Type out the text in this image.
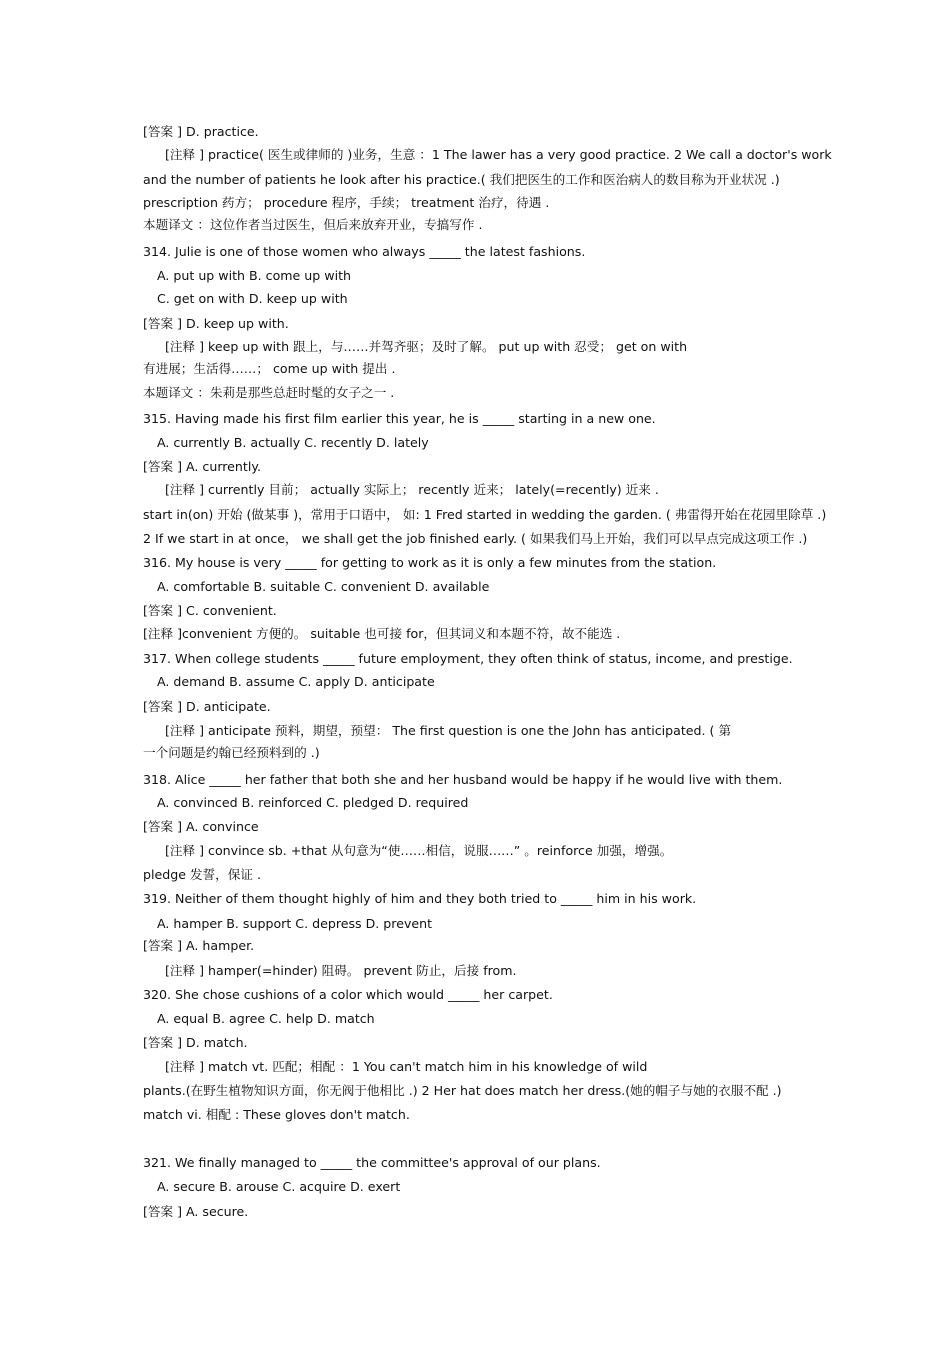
[答案 ] D. practice.
[注释 ] practice( 医生或律师的 )业务，生意 ：1 The lawer has a very good practice. 2 We call a doctor's work
and the number of patients he look after his practice.( 我们把医生的工作和医治病人的数目称为开业状况 .)
prescription 药方； procedure 程序，手续； treatment 治疗，待遇 .
本题译文 ：这位作者当过医生，但后来放弃开业，专搞写作 .
314. Julie is one of those women who always _____ the latest fashions.
A. put up with B. come up with
C. get on with D. keep up with
[答案 ] D. keep up with.
[注释 ] keep up with 跟上，与……并驾齐驱；及时了解。 put up with 忍受； get on with
有进展；生活得……； come up with 提出 .
本题译文 ：朱莉是那些总赶时髦的女子之一 .
315. Having made his first film earlier this year, he is _____ starting in a new one.
A. currently B. actually C. recently D. lately
[答案 ] A. currently.
[注释 ] currently 目前； actually 实际上； recently 近来； lately(=recently) 近来 .
start in(on) 开始 (做某事 )，常用于口语中， 如: 1 Fred started in wedding the garden. ( 弗雷得开始在花园里除草 .)
2 If we start in at once， we shall get the job finished early. ( 如果我们马上开始，我们可以早点完成这项工作 .)
316. My house is very _____ for getting to work as it is only a few minutes from the station.
A. comfortable B. suitable C. convenient D. available
[答案 ] C. convenient.
[注释 ]convenient 方便的。 suitable 也可接 for，但其词义和本题不符，故不能选 .
317. When college students _____ future employment, they often think of status, income, and prestige.
A. demand B. assume C. apply D. anticipate
[答案 ] D. anticipate.
[注释 ] anticipate 预料，期望，预望： The first question is one the John has anticipated. ( 第
一个问题是约翰已经预料到的 .)
318. Alice _____ her father that both she and her husband would be happy if he would live with them.
A. convinced B. reinforced C. pledged D. required
[答案 ] A. convince
[注释 ] convince sb. +that 从句意为“使……相信，说服……” 。reinforce 加强，增强。
pledge 发誓，保证 .
319. Neither of them thought highly of him and they both tried to _____ him in his work.
A. hamper B. support C. depress D. prevent
[答案 ] A. hamper.
[注释 ] hamper(=hinder) 阻碍。 prevent 防止，后接 from.
320. She chose cushions of a color which would _____ her carpet.
A. equal B. agree C. help D. match
[答案 ] D. match.
[注释 ] match vt. 匹配；相配 ：1 You can't match him in his knowledge of wild
plants.(在野生植物知识方面，你无阀于他相比 .) 2 Her hat does match her dress.(她的帽子与她的衣服不配 .)
match vi. 相配 : These gloves don't match.
321. We finally managed to _____ the committee's approval of our plans.
A. secure B. arouse C. acquire D. exert
[答案 ] A. secure.
